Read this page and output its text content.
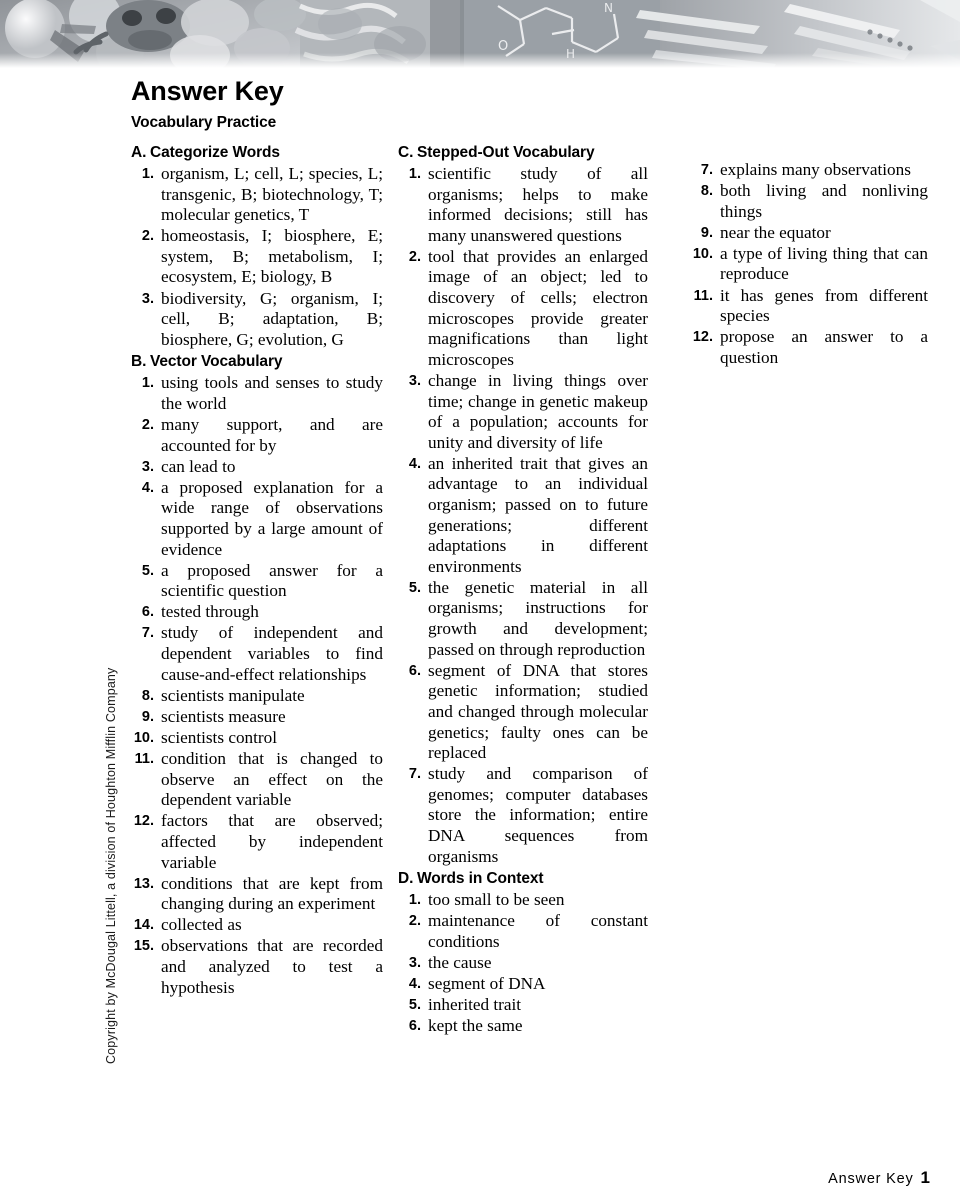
Copyright by McDougal Littell, a division of Houghton Mifflin Company
Answer Key
Vocabulary Practice
A. Categorize Words
1. organism, L; cell, L; species, L; transgenic, B; biotechnology, T; molecular genetics, T
2. homeostasis, I; biosphere, E; system, B; metabolism, I; ecosystem, E; biology, B
3. biodiversity, G; organism, I; cell, B; adaptation, B; biosphere, G; evolution, G
B. Vector Vocabulary
1. using tools and senses to study the world
2. many support, and are accounted for by
3. can lead to
4. a proposed explanation for a wide range of observations supported by a large amount of evidence
5. a proposed answer for a scientific question
6. tested through
7. study of independent and dependent variables to find cause-and-effect relationships
8. scientists manipulate
9. scientists measure
10. scientists control
11. condition that is changed to observe an effect on the dependent variable
12. factors that are observed; affected by independent variable
13. conditions that are kept from changing during an experiment
14. collected as
15. observations that are recorded and analyzed to test a hypothesis
C. Stepped-Out Vocabulary
1. scientific study of all organisms; helps to make informed decisions; still has many unanswered questions
2. tool that provides an enlarged image of an object; led to discovery of cells; electron microscopes provide greater magnifications than light microscopes
3. change in living things over time; change in genetic makeup of a population; accounts for unity and diversity of life
4. an inherited trait that gives an advantage to an individual organism; passed on to future generations; different adaptations in different environments
5. the genetic material in all organisms; instructions for growth and development; passed on through reproduction
6. segment of DNA that stores genetic information; studied and changed through molecular genetics; faulty ones can be replaced
7. study and comparison of genomes; computer databases store the information; entire DNA sequences from organisms
D. Words in Context
1. too small to be seen
2. maintenance of constant conditions
3. the cause
4. segment of DNA
5. inherited trait
6. kept the same
7. explains many observations
8. both living and nonliving things
9. near the equator
10. a type of living thing that can reproduce
11. it has genes from different species
12. propose an answer to a question
Answer Key 1
